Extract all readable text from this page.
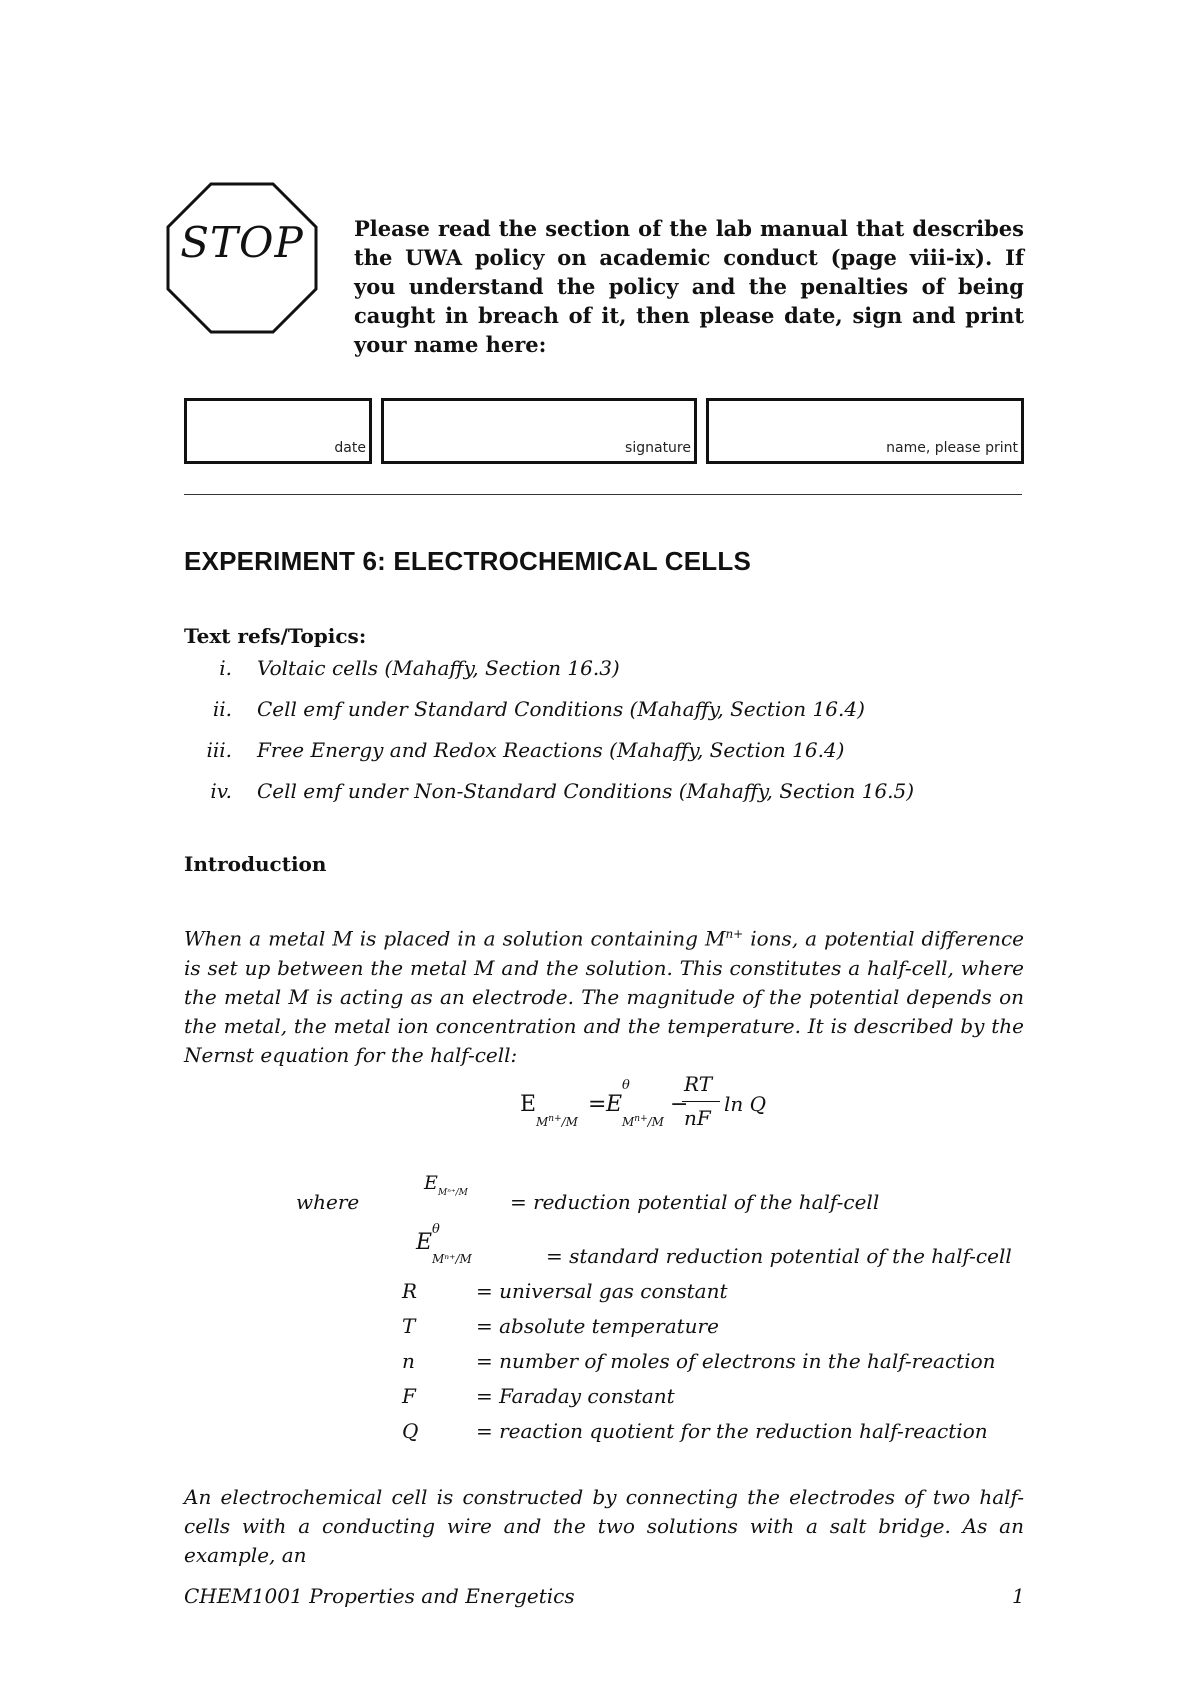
STOP	Please read the section of the lab manual that describes the UWA policy on academic conduct (page viii-ix). If you understand the policy and the penalties of being caught in breach of it, then please date, sign and print your name here:
date	signature	name, please print
EXPERIMENT 6: ELECTROCHEMICAL CELLS
Text refs/Topics:
i. Voltaic cells (Mahaffy, Section 16.3)
ii. Cell emf under Standard Conditions (Mahaffy, Section 16.4)
iii. Free Energy and Redox Reactions (Mahaffy, Section 16.4)
iv. Cell emf under Non-Standard Conditions (Mahaffy, Section 16.5)
Introduction
When a metal M is placed in a solution containing $M^{n+}$ ions, a potential difference is set up between the metal M and the solution. This constitutes a half-cell, where the metal M is acting as an electrode. The magnitude of the potential depends on the metal, the metal ion concentration and the temperature. It is described by the Nernst equation for the half-cell:
E
$M^{n+}/M$
= E
θ
$M^{n+}/M$
−
RT
nF
ln Q
where
E Mⁿ⁺/M = reduction potential of the half-cell
E
θ
Mⁿ⁺/M	= standard reduction potential of the half-cell
R	= universal gas constant
T	= absolute temperature
n	= number of moles of electrons in the half-reaction
F	= Faraday constant
Q	= reaction quotient for the reduction half-reaction
An electrochemical cell is constructed by connecting the electrodes of two half-cells with a conducting wire and the two solutions with a salt bridge. As an example, an
CHEM1001 Properties and Energetics	1
